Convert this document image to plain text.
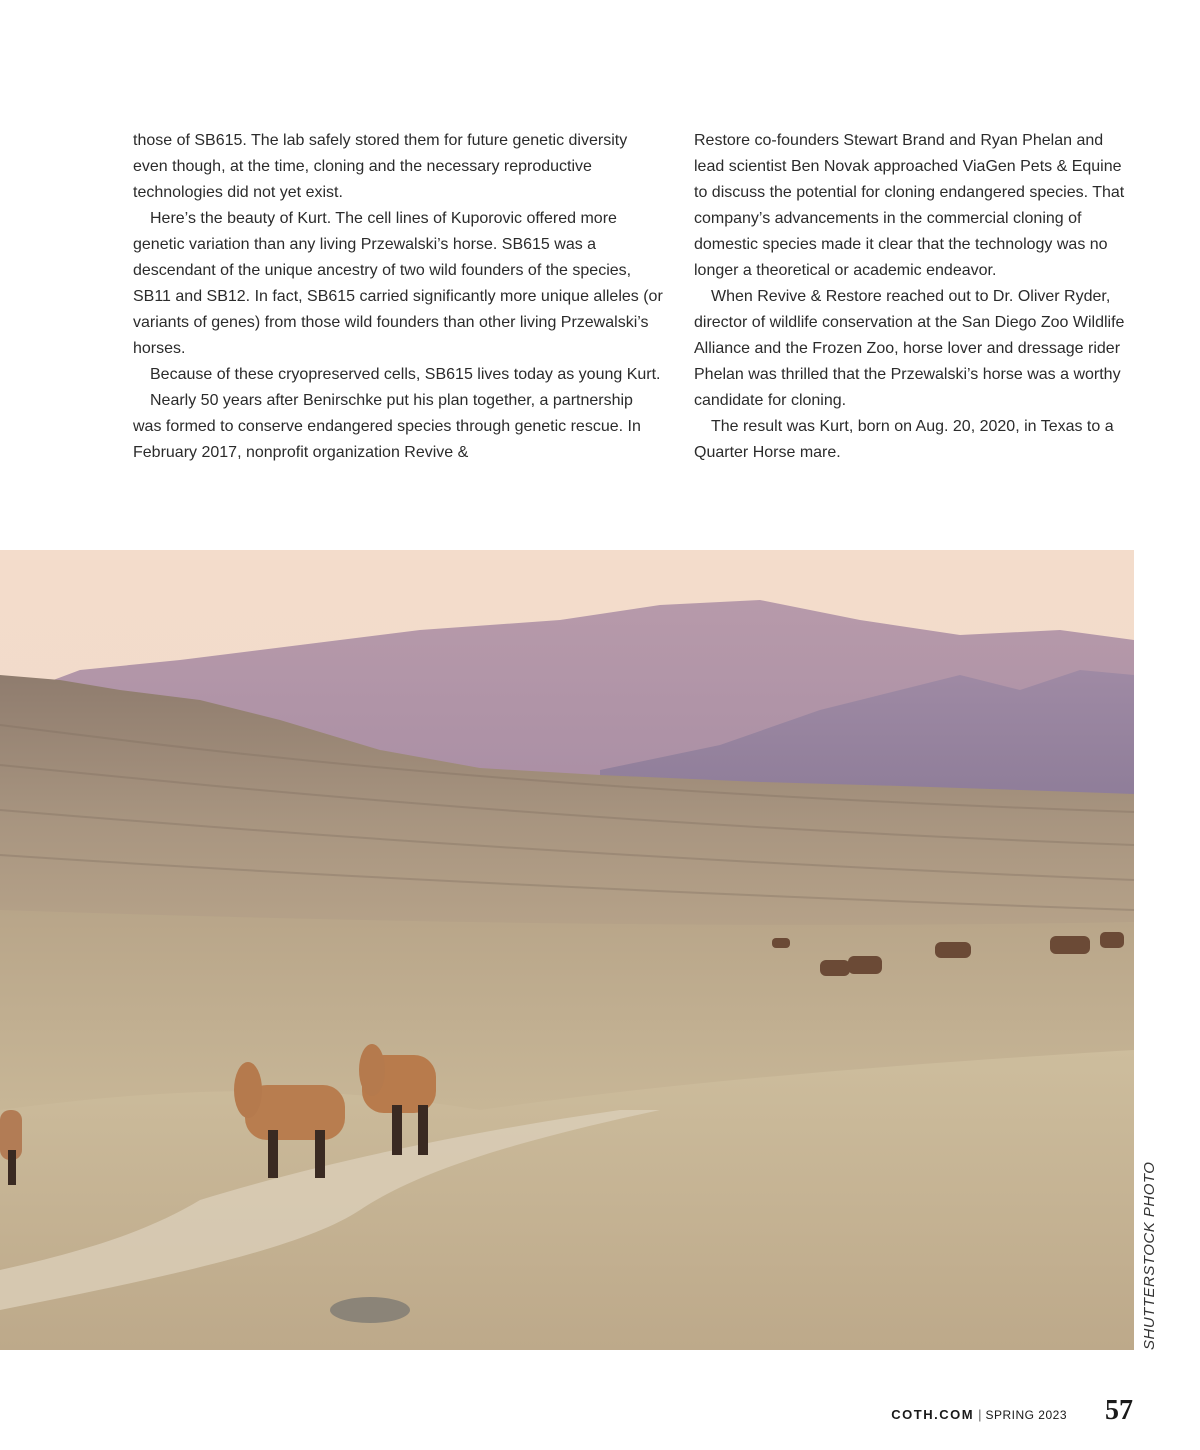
those of SB615. The lab safely stored them for future genetic diversity even though, at the time, cloning and the necessary reproductive technologies did not yet exist.

Here’s the beauty of Kurt. The cell lines of Kuporovic offered more genetic variation than any living Przewalski’s horse. SB615 was a descendant of the unique ancestry of two wild founders of the species, SB11 and SB12. In fact, SB615 carried significantly more unique alleles (or variants of genes) from those wild founders than other living Przewalski’s horses.

Because of these cryopreserved cells, SB615 lives today as young Kurt.

Nearly 50 years after Benirschke put his plan together, a partnership was formed to conserve endangered species through genetic rescue. In February 2017, nonprofit organization Revive &

Restore co-founders Stewart Brand and Ryan Phelan and lead scientist Ben Novak approached ViaGen Pets & Equine to discuss the potential for cloning endangered species. That company’s advancements in the commercial cloning of domestic species made it clear that the technology was no longer a theoretical or academic endeavor.

When Revive & Restore reached out to Dr. Oliver Ryder, director of wildlife conservation at the San Diego Zoo Wildlife Alliance and the Frozen Zoo, horse lover and dressage rider Phelan was thrilled that the Przewalski’s horse was a worthy candidate for cloning.

The result was Kurt, born on Aug. 20, 2020, in Texas to a Quarter Horse mare.

SHUTTERSTOCK PHOTO
COTH.COM | SPRING 2023 57
